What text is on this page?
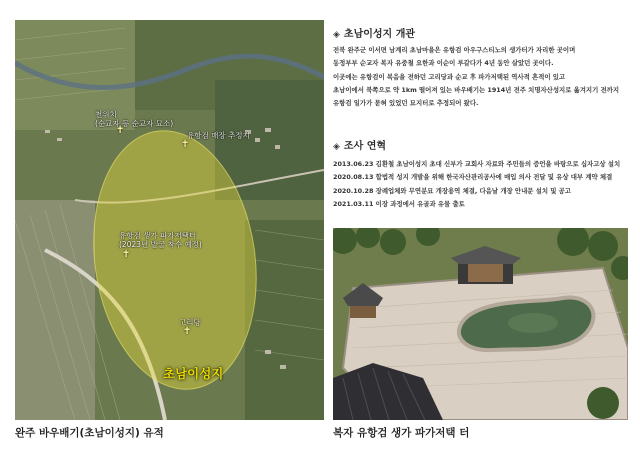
✝
천위치
(순교자 등 순교자 묘소)
✝
유항검 매장 추정지
✝
유항검 생가 파가저택터
(2023년 발굴 착수 예정)
✝
고리당
초남이성지
완주 바우배기(초남이성지) 유적
◈ 초남이성지 개관

전북 완주군 이서면 남계리 초남마을은 유항검 아우구스티노의 생가터가 자리한 곳이며

동정부부 순교자 복자 유중철 요한과 이순이 루갈다가 4년 동안 살았던 곳이다.

이곳에는 유항검이 복음을 전하던 고리당과 순교 후 파가저택된 역사적 흔적이 있고

초남이에서 북쪽으로 약 1km 떨어져 있는 바우배기는 1914년 전주 치명자산성지로 옮겨지기 전까지

유항검 일가가 묻혀 있었던 묘지터로 추정되어 왔다.

◈ 조사 연혁

2013.06.23 김환철 초남이성지 초대 신부가 교회사 자료와 주민들의 증언을 바탕으로 십자고상 설치

2020.08.13 합법적 성지 개발을 위해 한국자산관리공사에 매입 의사 전달 및 유상 대부 계약 체결

2020.10.28 장례업체와 무연분묘 개장용역 체결, 다음날 개장 안내문 설치 및 공고

2021.03.11 이장 과정에서 유골과 유물 출토

복자 유항검 생가 파가저택 터
